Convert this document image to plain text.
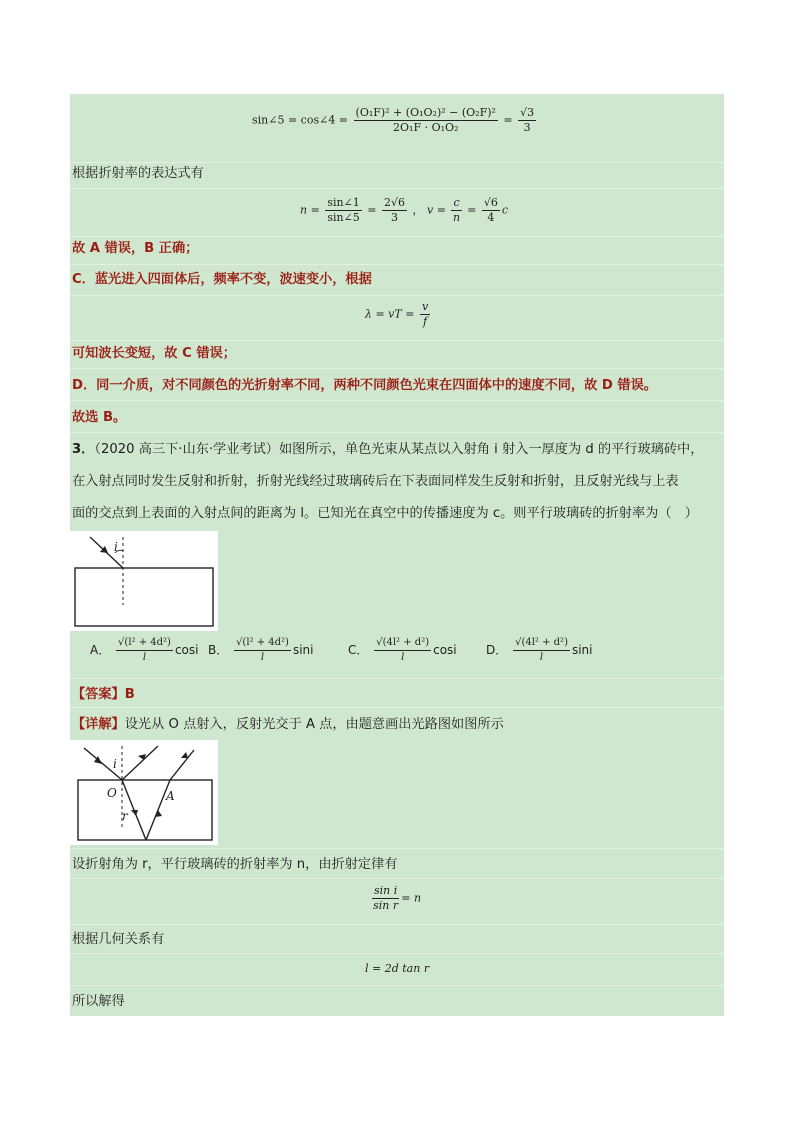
sin∠5 = cos∠4 = $\frac{\text{(O₁F)² + (O₁O₂)² − (O₂F)²}}{\text{2O₁F · O₁O₂}} = \frac{√3}{3}$
根据折射率的表达式有
$n = \frac{\sin\angle 1}{\sin\angle 5} = \frac{2√6}{3}$ ， $v = \frac{c}{n} = \frac{√6}{4}$ c
故 A 错误，B 正确；
C．蓝光进入四面体后，频率不变，波速变小，根据
λ = vT = $\frac{v}{f}$
可知波长变短，故 C 错误；
D．同一介质，对不同颜色的光折射率不同，两种不同颜色光束在四面体中的速度不同，故 D 错误。
故选 B。
3．（2020 高三下·山东·学业考试）如图所示，单色光束从某点以入射角 i 射入一厚度为 d 的平行玻璃砖中，
在入射点同时发生反射和折射，折射光线经过玻璃砖后在下表面同样发生反射和折射，且反射光线与上表
面的交点到上表面的入射点间的距离为 l。已知光在真空中的传播速度为 c。则平行玻璃砖的折射率为（　）
i
A． $\frac{\text{√(l² + 4d²)}}{l}$ cosi B． $\frac{\text{√(l² + 4d²)}}{l}$ sini	C． $\frac{\text{√(4l² + d²)}}{l}$ cosi D． $\frac{\text{√(4l² + d²)}}{l}$ sini
【答案】B
【详解】设光从 O 点射入，反射光交于 A 点，由题意画出光路图如图所示
i
O	A
r
设折射角为 r，平行玻璃砖的折射率为 n，由折射定律有
$\frac{\text{sin i}}{\text{sin r}} = n$
根据几何关系有
l = 2d tan r
所以解得
